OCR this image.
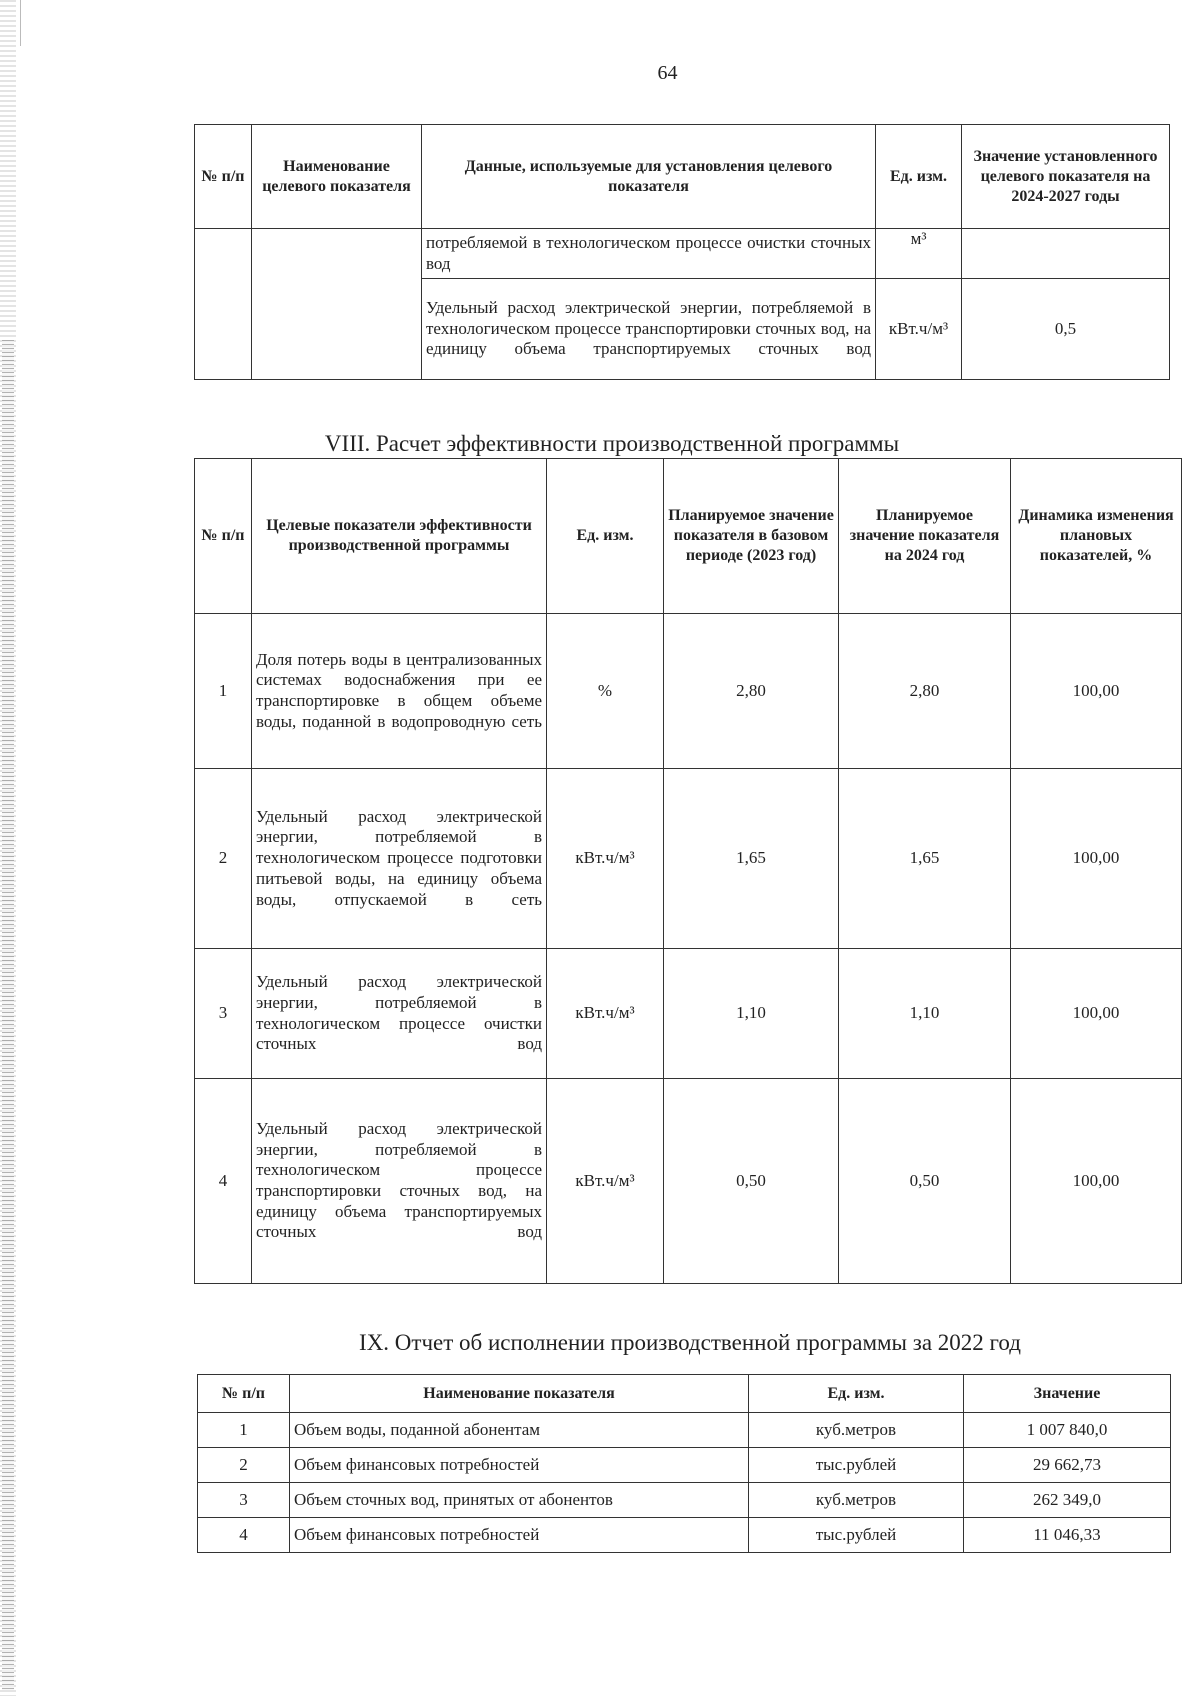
64
№ п/п	Наименование целевого показателя	Данные, используемые для установления целевого показателя	Ед. изм.	Значение установленного целевого показателя на 2024-2027 годы
		потребляемой в технологическом процессе очистки сточных вод	м³	
		Удельный расход электрической энергии, потребляемой в технологическом процессе транспортировки сточных вод, на единицу объема транспортируемых сточных вод	кВт.ч/м³	0,5
VIII. Расчет эффективности производственной программы
№ п/п	Целевые показатели эффективности производственной программы	Ед. изм.	Планируемое значение показателя в базовом периоде (2023 год)	Планируемое значение показателя на 2024 год	Динамика изменения плановых показателей, %
1	Доля потерь воды в централизованных системах водоснабжения при ее транспортировке в общем объеме воды, поданной в водопроводную сеть	%	2,80	2,80	100,00
2	Удельный расход электрической энергии, потребляемой в технологическом процессе подготовки питьевой воды, на единицу объема воды, отпускаемой в сеть	кВт.ч/м³	1,65	1,65	100,00
3	Удельный расход электрической энергии, потребляемой в технологическом процессе очистки сточных вод	кВт.ч/м³	1,10	1,10	100,00
4	Удельный расход электрической энергии, потребляемой в технологическом процессе транспортировки сточных вод, на единицу объема транспортируемых сточных вод	кВт.ч/м³	0,50	0,50	100,00
IX. Отчет об исполнении производственной программы за 2022 год
№ п/п	Наименование показателя	Ед. изм.	Значение
1	Объем воды, поданной абонентам	куб.метров	1 007 840,0
2	Объем финансовых потребностей	тыс.рублей	29 662,73
3	Объем сточных вод, принятых от абонентов	куб.метров	262 349,0
4	Объем финансовых потребностей	тыс.рублей	11 046,33
